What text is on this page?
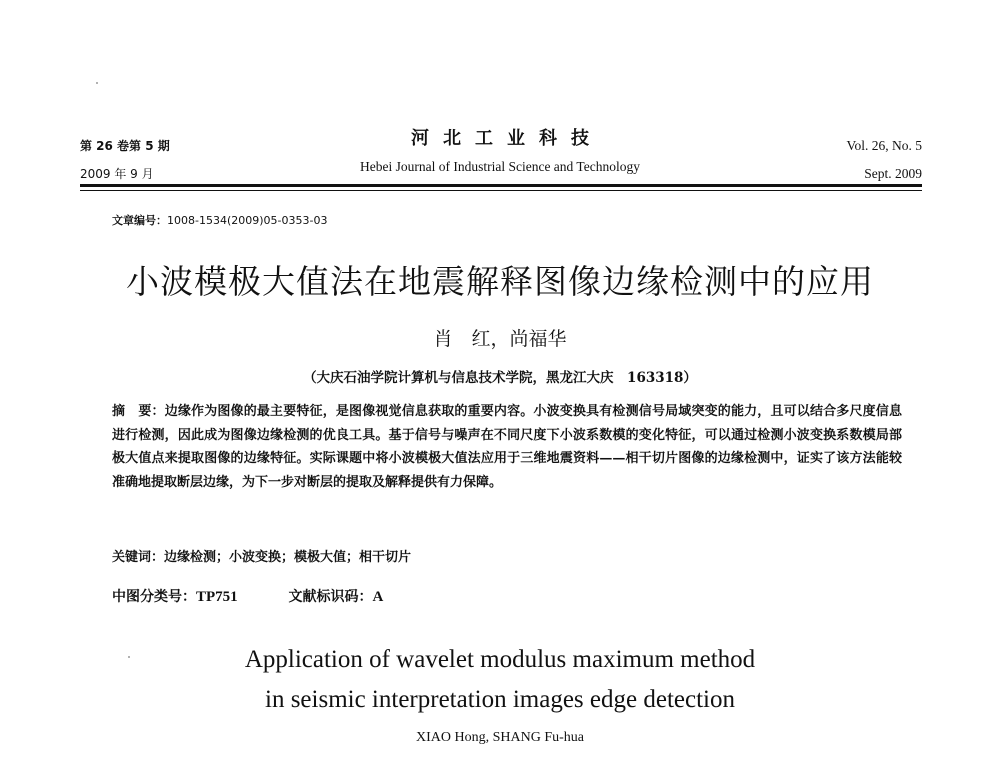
第 26 卷第 5 期
2009 年 9 月
河北工业科技
Hebei Journal of Industrial Science and Technology
Vol. 26, No. 5
Sept. 2009
文章编号：1008-1534(2009)05-0353-03
小波模极大值法在地震解释图像边缘检测中的应用
肖　红，尚福华
（大庆石油学院计算机与信息技术学院，黑龙江大庆　163318）
摘　要：边缘作为图像的最主要特征，是图像视觉信息获取的重要内容。小波变换具有检测信号局域突变的能力，且可以结合多尺度信息进行检测，因此成为图像边缘检测的优良工具。基于信号与噪声在不同尺度下小波系数模的变化特征，可以通过检测小波变换系数模局部极大值点来提取图像的边缘特征。实际课题中将小波模极大值法应用于三维地震资料——相干切片图像的边缘检测中，证实了该方法能较准确地提取断层边缘，为下一步对断层的提取及解释提供有力保障。
关键词：边缘检测；小波变换；模极大值；相干切片
中图分类号：TP751	文献标识码：A
Application of wavelet modulus maximum method
in seismic interpretation images edge detection
XIAO Hong, SHANG Fu-hua
